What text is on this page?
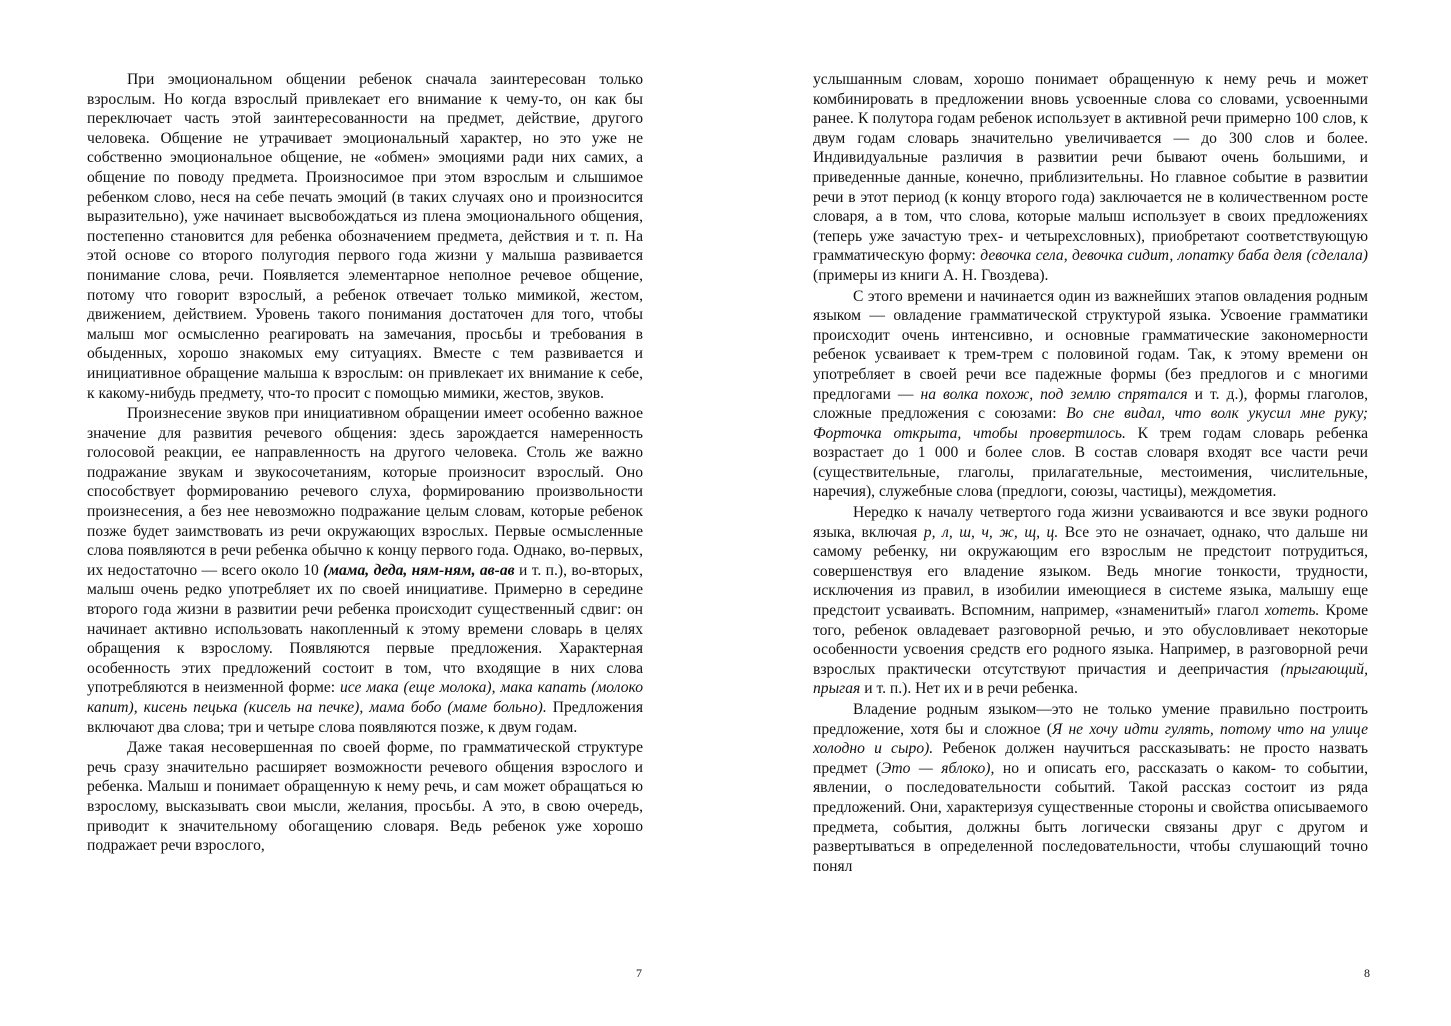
При эмоциональном общении ребенок сначала заинтересован только взрослым. Но когда взрослый привлекает его внимание к чему-то, он как бы переключает часть этой заинтересованности на предмет, действие, другого человека. Общение не утрачивает эмоциональный характер, но это уже не собственно эмоциональное общение, не «обмен» эмоциями ради них самих, а общение по поводу предмета. Произносимое при этом взрослым и слышимое ребенком слово, неся на себе печать эмоций (в таких случаях оно и произносится выразительно), уже начинает высвобождаться из плена эмоционального общения, постепенно становится для ребенка обозначением предмета, действия и т. п. На этой основе со второго полугодия первого года жизни у малыша развивается понимание слова, речи. Появляется элементарное неполное речевое общение, потому что говорит взрослый, а ребенок отвечает только мимикой, жестом, движением, действием. Уровень такого понимания достаточен для того, чтобы малыш мог осмысленно реагировать на замечания, просьбы и требования в обыденных, хорошо знакомых ему ситуациях. Вместе с тем развивается и инициативное обращение малыша к взрослым: он привлекает их внимание к себе, к какому-нибудь предмету, что-то просит с помощью мимики, жестов, звуков.

Произнесение звуков при инициативном обращении имеет особенно важное значение для развития речевого общения: здесь зарождается намеренность голосовой реакции, ее направленность на другого человека. Столь же важно подражание звукам и звукосочетаниям, которые произносит взрослый. Оно способствует формированию речевого слуха, формированию произвольности произнесения, а без нее невозможно подражание целым словам, которые ребенок позже будет заимствовать из речи окружающих взрослых. Первые осмысленные слова появляются в речи ребенка обычно к концу первого года. Однако, во-первых, их недостаточно — всего около 10 (мама, деда, ням-ням, ав-ав и т. п.), во-вторых, малыш очень редко употребляет их по своей инициативе. Примерно в середине второго года жизни в развитии речи ребенка происходит существенный сдвиг: он начинает активно использовать накопленный к этому времени словарь в целях обращения к взрослому. Появляются первые предложения. Характерная особенность этих предложений состоит в том, что входящие в них слова употребляются в неизменной форме: исе мака (еще молока), мака капать (молоко капит), кисень пецька (кисель на печке), мама бобо (маме больно). Предложения включают два слова; три и четыре слова появляются позже, к двум годам.

Даже такая несовершенная по своей форме, по грамматической структуре речь сразу значительно расширяет возможности речевого общения взрослого и ребенка. Малыш и понимает обращенную к нему речь, и сам может обращаться ю взрослому, высказывать свои мысли, желания, просьбы. А это, в свою очередь, приводит к значительному обогащению словаря. Ведь ребенок уже хорошо подражает речи взрослого,

7

услышанным словам, хорошо понимает обращенную к нему речь и может комбинировать в предложении вновь усвоенные слова со словами, усвоенными ранее. К полутора годам ребенок использует в активной речи примерно 100 слов, к двум годам словарь значительно увеличивается — до 300 слов и более. Индивидуальные различия в развитии речи бывают очень большими, и приведенные данные, конечно, приблизительны. Но главное событие в развитии речи в этот период (к концу второго года) заключается не в количественном росте словаря, а в том, что слова, которые малыш использует в своих предложениях (теперь уже зачастую трех- и четырехсловных), приобретают соответствующую грамматическую форму: девочка села, девочка сидит, лопатку баба деля (сделала) (примеры из книги А. Н. Гвоздева).

С этого времени и начинается один из важнейших этапов овладения родным языком — овладение грамматической структурой языка. Усвоение грамматики происходит очень интенсивно, и основные грамматические закономерности ребенок усваивает к трем-трем с половиной годам. Так, к этому времени он употребляет в своей речи все падежные формы (без предлогов и с многими предлогами — на волка похож, под землю спрятался и т. д.), формы глаголов, сложные предложения с союзами: Во сне видал, что волк укусил мне руку; Форточка открыта, чтобы провертилось. К трем годам словарь ребенка возрастает до 1 000 и более слов. В состав словаря входят все части речи (существительные, глаголы, прилагательные, местоимения, числительные, наречия), служебные слова (предлоги, союзы, частицы), междометия.

Нередко к началу четвертого года жизни усваиваются и все звуки родного языка, включая р, л, ш, ч, ж, щ, ц. Все это не означает, однако, что дальше ни самому ребенку, ни окружающим его взрослым не предстоит потрудиться, совершенствуя его владение языком. Ведь многие тонкости, трудности, исключения из правил, в изобилии имеющиеся в системе языка, малышу еще предстоит усваивать. Вспомним, например, «знаменитый» глагол хотеть. Кроме того, ребенок овладевает разговорной речью, и это обусловливает некоторые особенности усвоения средств его родного языка. Например, в разговорной речи взрослых практически отсутствуют причастия и деепричастия (прыгающий, прыгая и т. п.). Нет их и в речи ребенка.

Владение родным языком—это не только умение правильно построить предложение, хотя бы и сложное (Я не хочу идти гулять, потому что на улице холодно и сыро). Ребенок должен научиться рассказывать: не просто назвать предмет (Это — яблоко), но и описать его, рассказать о каком- то событии, явлении, о последовательности событий. Такой рассказ состоит из ряда предложений. Они, характеризуя существенные стороны и свойства описываемого предмета, события, должны быть логически связаны друг с другом и развертываться в определенной последовательности, чтобы слушающий точно понял

8
